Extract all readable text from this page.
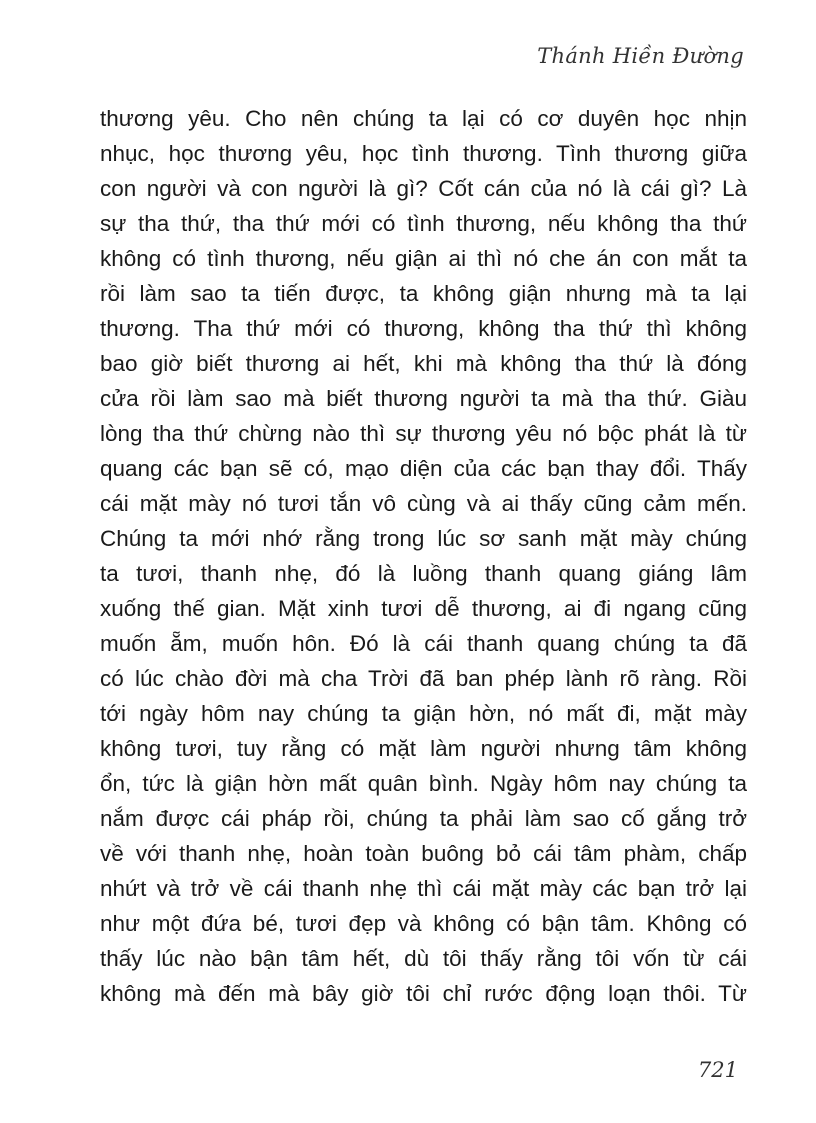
Thánh Hiền Đường

thương yêu. Cho nên chúng ta lại có cơ duyên học nhịn
nhục, học thương yêu, học tình thương. Tình thương giữa
con người và con người là gì? Cốt cán của nó là cái gì? Là
sự tha thứ, tha thứ mới có tình thương, nếu không tha thứ
không có tình thương, nếu giận ai thì nó che án con mắt ta
rồi làm sao ta tiến được, ta không giận nhưng mà ta lại
thương. Tha thứ mới có thương, không tha thứ thì không
bao giờ biết thương ai hết, khi mà không tha thứ là đóng
cửa rồi làm sao mà biết thương người ta mà tha thứ. Giàu
lòng tha thứ chừng nào thì sự thương yêu nó bộc phát là từ
quang các bạn sẽ có, mạo diện của các bạn thay đổi. Thấy
cái mặt mày nó tươi tắn vô cùng và ai thấy cũng cảm mến.
Chúng ta mới nhớ rằng trong lúc sơ sanh mặt mày chúng
ta tươi, thanh nhẹ, đó là luồng thanh quang giáng lâm
xuống thế gian. Mặt xinh tươi dễ thương, ai đi ngang cũng
muốn ẵm, muốn hôn. Đó là cái thanh quang chúng ta đã
có lúc chào đời mà cha Trời đã ban phép lành rõ ràng. Rồi
tới ngày hôm nay chúng ta giận hờn, nó mất đi, mặt mày
không tươi, tuy rằng có mặt làm người nhưng tâm không
ổn, tức là giận hờn mất quân bình. Ngày hôm nay chúng ta
nắm được cái pháp rồi, chúng ta phải làm sao cố gắng trở
về với thanh nhẹ, hoàn toàn buông bỏ cái tâm phàm, chấp
nhứt và trở về cái thanh nhẹ thì cái mặt mày các bạn trở lại
như một đứa bé, tươi đẹp và không có bận tâm. Không có
thấy lúc nào bận tâm hết, dù tôi thấy rằng tôi vốn từ cái
không mà đến mà bây giờ tôi chỉ rước động loạn thôi. Từ

721
